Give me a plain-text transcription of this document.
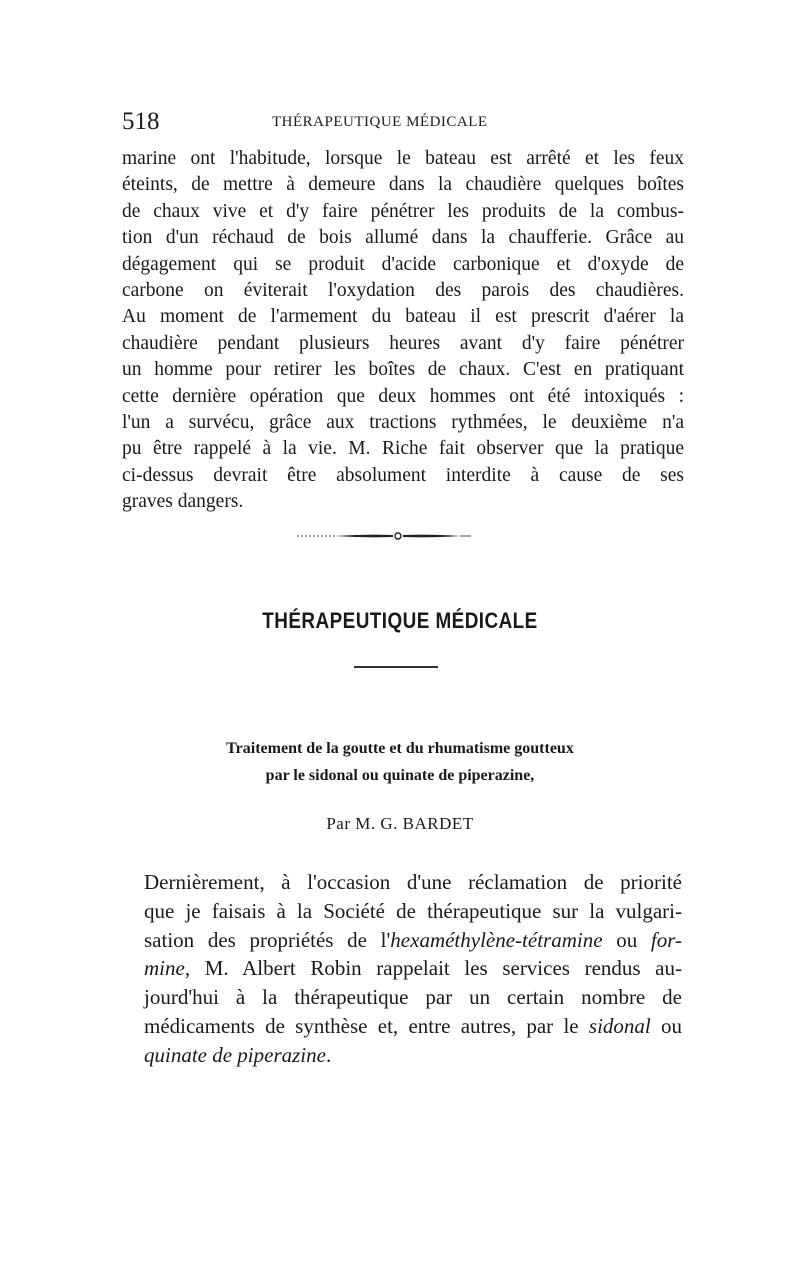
518	THÉRAPEUTIQUE MÉDICALE

marine ont l'habitude, lorsque le bateau est arrêté et les feux
éteints, de mettre à demeure dans la chaudière quelques boîtes
de chaux vive et d'y faire pénétrer les produits de la combus-
tion d'un réchaud de bois allumé dans la chaufferie. Grâce au
dégagement qui se produit d'acide carbonique et d'oxyde de
carbone on éviterait l'oxydation des parois des chaudières.
Au moment de l'armement du bateau il est prescrit d'aérer la
chaudière pendant plusieurs heures avant d'y faire pénétrer
un homme pour retirer les boîtes de chaux. C'est en pratiquant
cette dernière opération que deux hommes ont été intoxiqués :
l'un a survécu, grâce aux tractions rythmées, le deuxième n'a
pu être rappelé à la vie. M. Riche fait observer que la pratique
ci-dessus devrait être absolument interdite à cause de ses
graves dangers.

THÉRAPEUTIQUE MÉDICALE
Traitement de la goutte et du rhumatisme goutteux
par le sidonal ou quinate de piperazine,
Par M. G. BARDET

Dernièrement, à l'occasion d'une réclamation de priorité
que je faisais à la Société de thérapeutique sur la vulgari-
sation des propriétés de l'hexaméthylène-tétramine ou for-
mine, M. Albert Robin rappelait les services rendus au-
jourd'hui à la thérapeutique par un certain nombre de
médicaments de synthèse et, entre autres, par le sidonal ou
quinate de piperazine.
